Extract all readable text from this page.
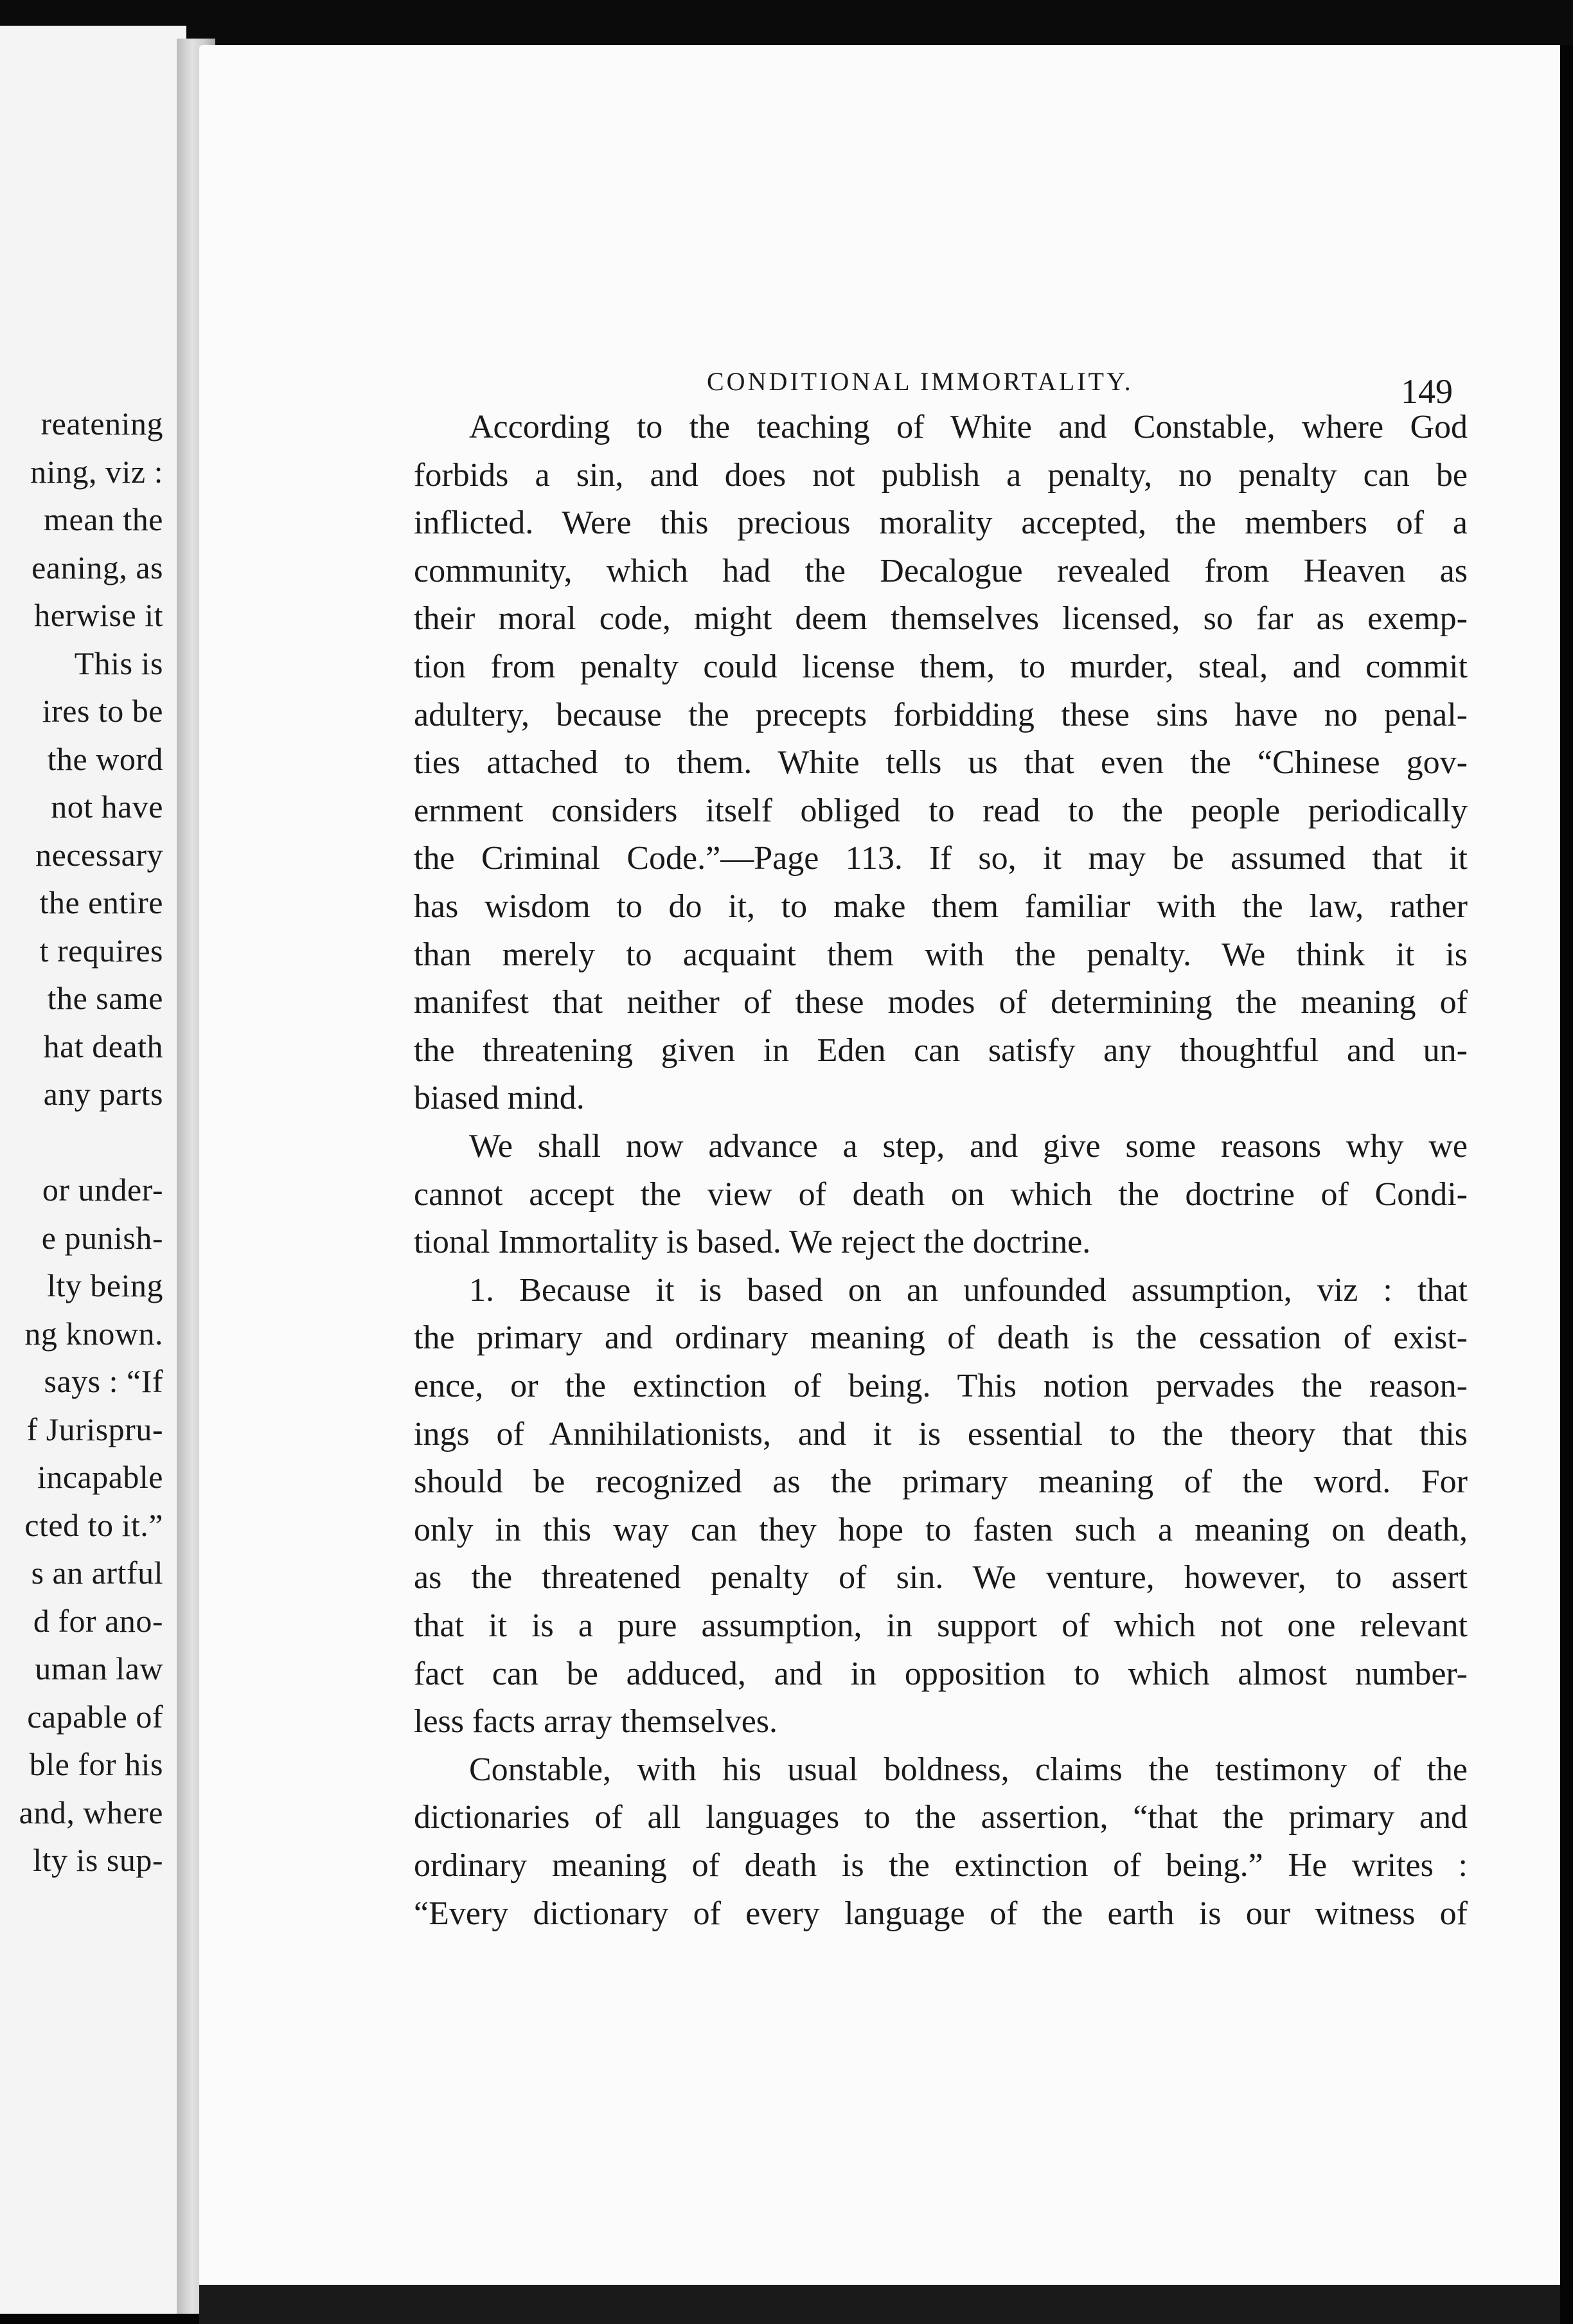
reatening
ning, viz :
mean the
eaning, as
herwise it
This is
ires to be
the word
not have
necessary
the entire
t requires
the same
hat death
any parts
or under-
e punish-
lty being
ng known.
says : “If
f Jurispru-
incapable
cted to it.”
s an artful
d for ano-
uman law
capable of
ble for his
and, where
lty is sup-
CONDITIONAL IMMORTALITY.	149
According to the teaching of White and Constable, where God
forbids a sin, and does not publish a penalty, no penalty can be
inflicted. Were this precious morality accepted, the members of a
community, which had the Decalogue revealed from Heaven as
their moral code, might deem themselves licensed, so far as exemp-
tion from penalty could license them, to murder, steal, and commit
adultery, because the precepts forbidding these sins have no penal-
ties attached to them. White tells us that even the “Chinese gov-
ernment considers itself obliged to read to the people periodically
the Criminal Code.”—Page 113. If so, it may be assumed that it
has wisdom to do it, to make them familiar with the law, rather
than merely to acquaint them with the penalty. We think it is
manifest that neither of these modes of determining the meaning of
the threatening given in Eden can satisfy any thoughtful and un-
biased mind.
We shall now advance a step, and give some reasons why we
cannot accept the view of death on which the doctrine of Condi-
tional Immortality is based. We reject the doctrine.
1. Because it is based on an unfounded assumption, viz : that
the primary and ordinary meaning of death is the cessation of exist-
ence, or the extinction of being. This notion pervades the reason-
ings of Annihilationists, and it is essential to the theory that this
should be recognized as the primary meaning of the word. For
only in this way can they hope to fasten such a meaning on death,
as the threatened penalty of sin. We venture, however, to assert
that it is a pure assumption, in support of which not one relevant
fact can be adduced, and in opposition to which almost number-
less facts array themselves.
Constable, with his usual boldness, claims the testimony of the
dictionaries of all languages to the assertion, “that the primary and
ordinary meaning of death is the extinction of being.” He writes :
“Every dictionary of every language of the earth is our witness of
